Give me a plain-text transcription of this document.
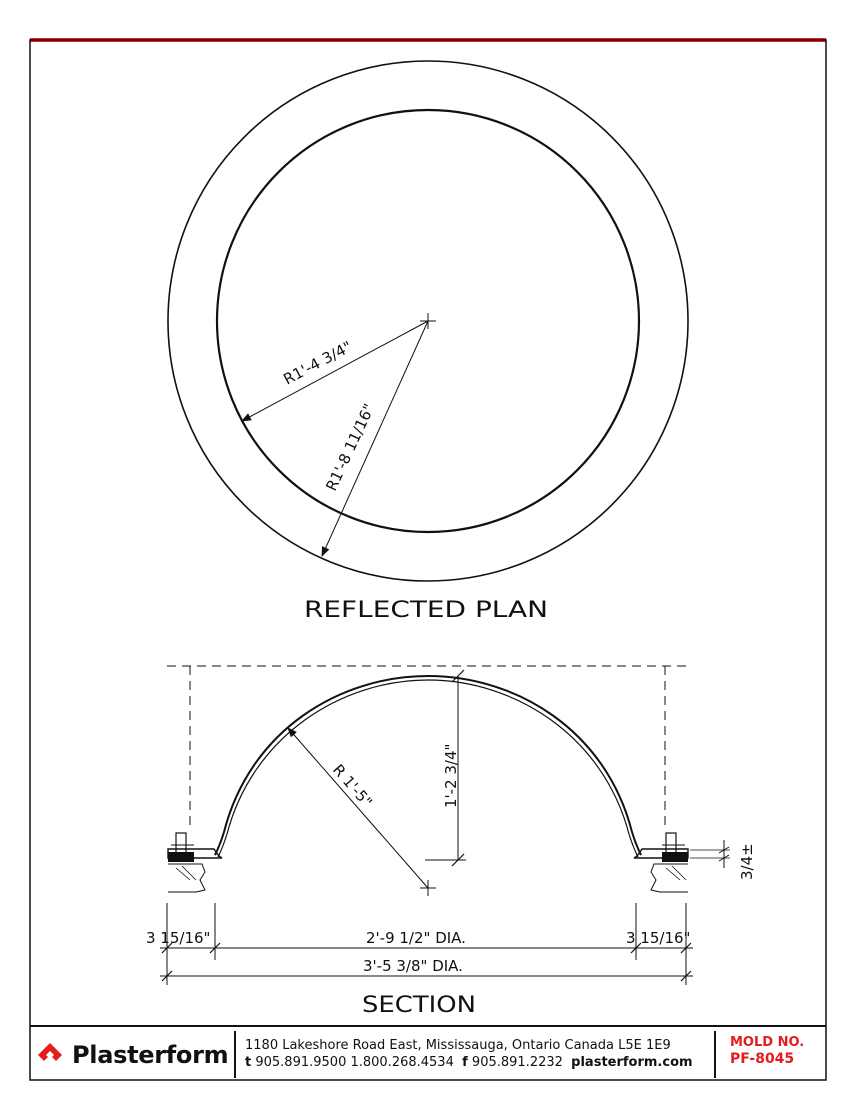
R1'-4 3/4"
R1'-8 11/16"
REFLECTED PLAN
R 1'-5"	1'-2 3/4"
3/4±
3 15/16"	2'-9 1/2" DIA.	3 15/16"
3'-5 3/8" DIA.
SECTION
Plasterform 1180 Lakeshore Road East, Mississauga, Ontario Canada L5E 1E9
t 905.891.9500 1.800.268.4534 f 905.891.2232 plasterform.com
MOLD NO.
PF-8045
